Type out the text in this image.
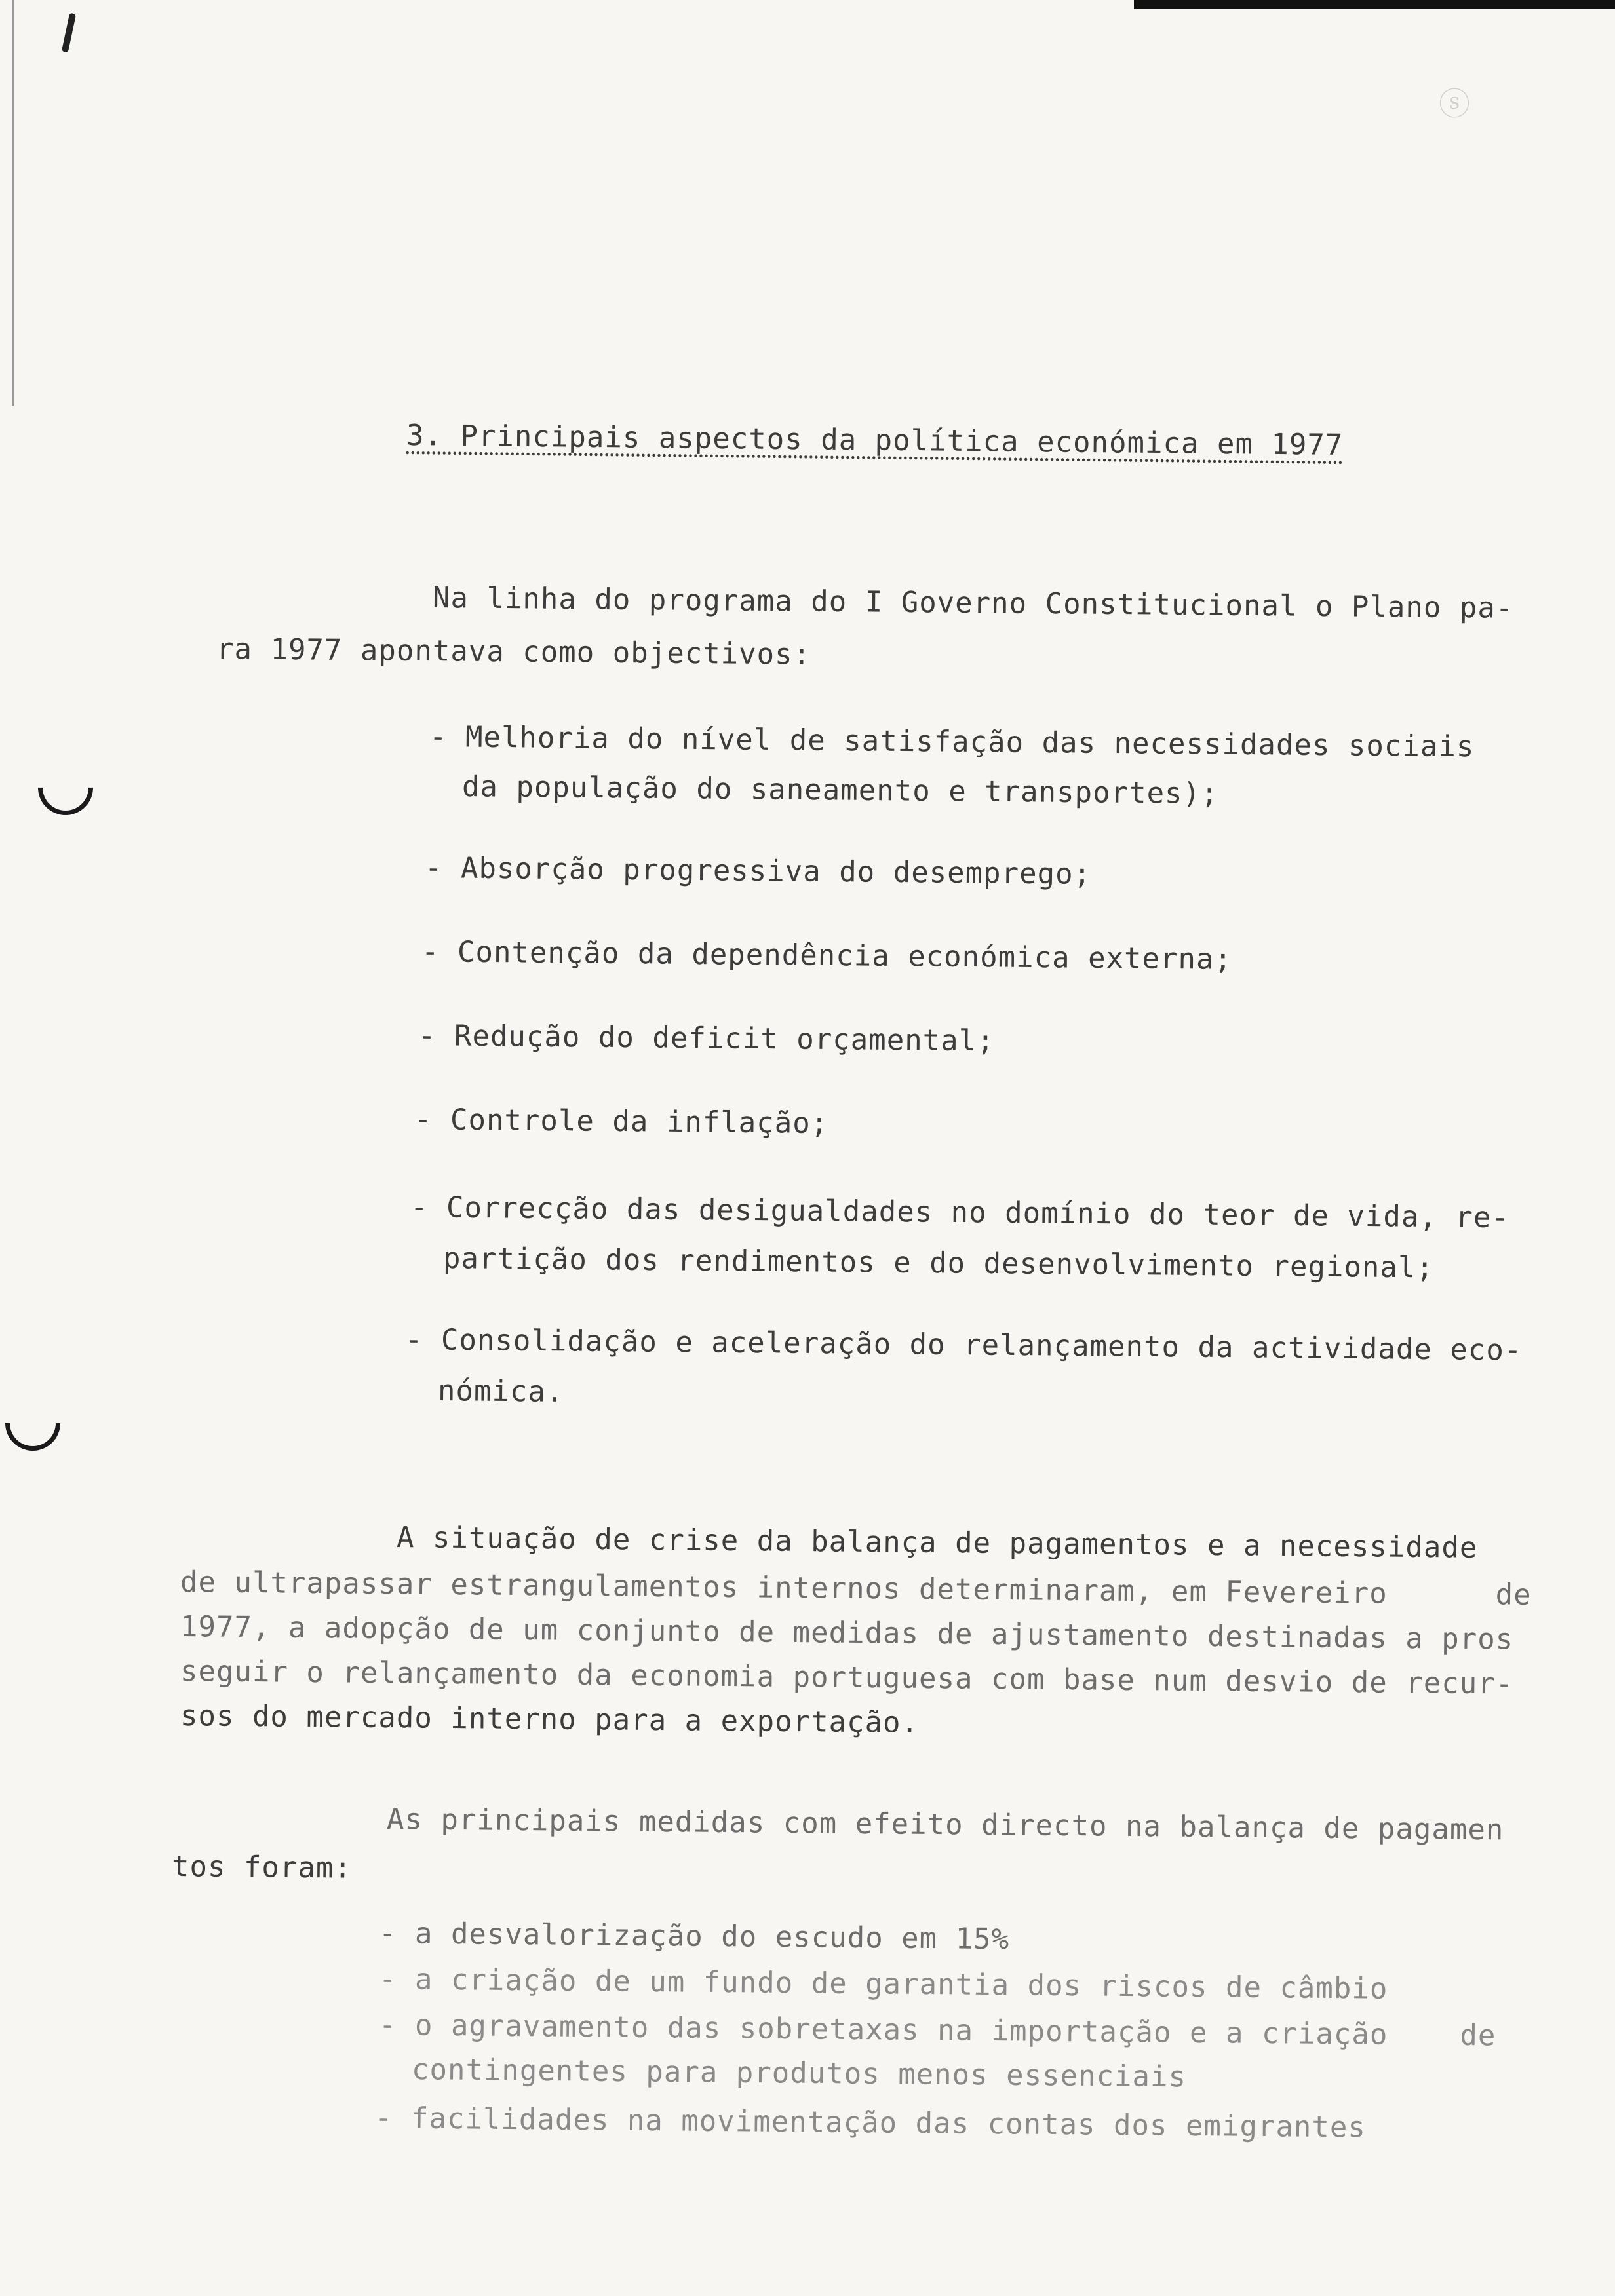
ⓢ
3. Principais aspectos da política económica em 1977
Na linha do programa do I Governo Constitucional o Plano pa-
ra 1977 apontava como objectivos:
- Melhoria do nível de satisfação das necessidades sociais
da população do saneamento e transportes);
- Absorção progressiva do desemprego;
- Contenção da dependência económica externa;
- Redução do deficit orçamental;
- Controle da inflação;
- Correcção das desigualdades no domínio do teor de vida, re-
partição dos rendimentos e do desenvolvimento regional;
- Consolidação e aceleração do relançamento da actividade eco-
nómica.
A situação de crise da balança de pagamentos e a necessidade
de ultrapassar estrangulamentos internos determinaram, em Fevereiro      de
1977, a adopção de um conjunto de medidas de ajustamento destinadas a pros
seguir o relançamento da economia portuguesa com base num desvio de recur-
sos do mercado interno para a exportação.
As principais medidas com efeito directo na balança de pagamen
tos foram:
- a desvalorização do escudo em 15%
- a criação de um fundo de garantia dos riscos de câmbio
- o agravamento das sobretaxas na importação e a criação    de
contingentes para produtos menos essenciais
- facilidades na movimentação das contas dos emigrantes
